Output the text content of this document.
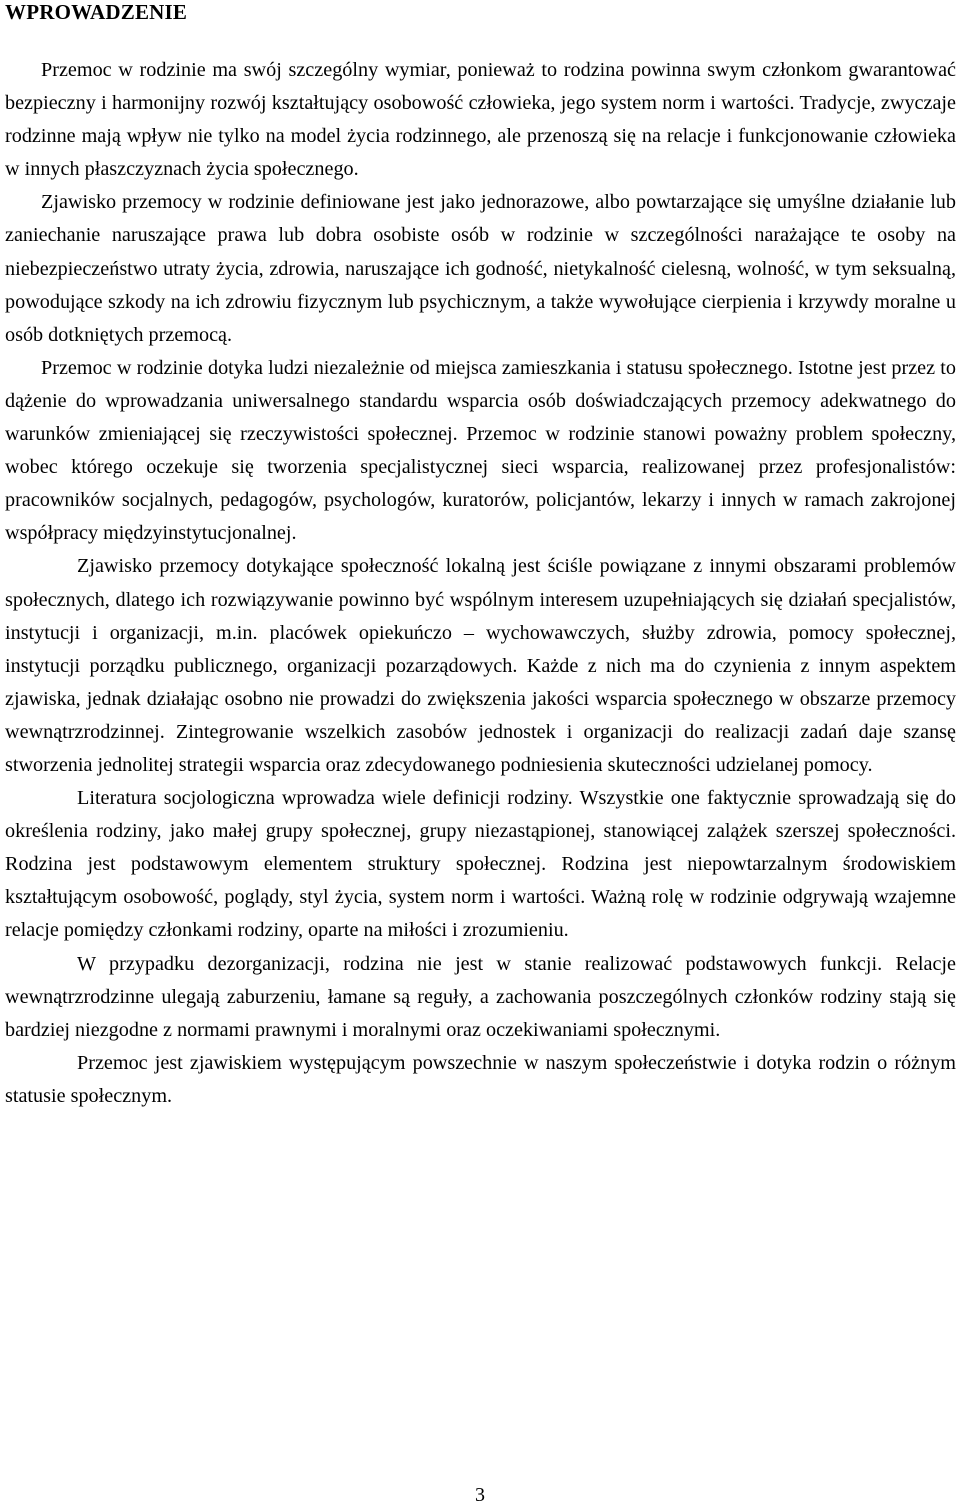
WPROWADZENIE

Przemoc w rodzinie ma swój szczególny wymiar, ponieważ to rodzina powinna swym członkom gwarantować bezpieczny i harmonijny rozwój kształtujący osobowość człowieka, jego system norm i wartości. Tradycje, zwyczaje rodzinne mają wpływ nie tylko na model życia rodzinnego, ale przenoszą się na relacje i funkcjonowanie człowieka w innych płaszczyznach życia społecznego.

Zjawisko przemocy w rodzinie definiowane jest jako jednorazowe, albo powtarzające się umyślne działanie lub zaniechanie naruszające prawa lub dobra osobiste osób w rodzinie w szczególności narażające te osoby na niebezpieczeństwo utraty życia, zdrowia, naruszające ich godność, nietykalność cielesną, wolność, w tym seksualną, powodujące szkody na ich zdrowiu fizycznym lub psychicznym, a także wywołujące cierpienia i krzywdy moralne u osób dotkniętych przemocą.

Przemoc w rodzinie dotyka ludzi niezależnie od miejsca zamieszkania i statusu społecznego. Istotne jest przez to dążenie do wprowadzania uniwersalnego standardu wsparcia osób doświadczających przemocy adekwatnego do warunków zmieniającej się rzeczywistości społecznej. Przemoc w rodzinie stanowi poważny problem społeczny, wobec którego oczekuje się tworzenia specjalistycznej sieci wsparcia, realizowanej przez profesjonalistów: pracowników socjalnych, pedagogów, psychologów, kuratorów, policjantów, lekarzy i innych w ramach zakrojonej współpracy międzyinstytucjonalnej.

Zjawisko przemocy dotykające społeczność lokalną jest ściśle powiązane z innymi obszarami problemów społecznych, dlatego ich rozwiązywanie powinno być wspólnym interesem uzupełniających się działań specjalistów, instytucji i organizacji, m.in. placówek opiekuńczo – wychowawczych, służby zdrowia, pomocy społecznej, instytucji porządku publicznego, organizacji pozarządowych. Każde z nich ma do czynienia z innym aspektem zjawiska, jednak działając osobno nie prowadzi do zwiększenia jakości wsparcia społecznego w obszarze przemocy wewnątrzrodzinnej. Zintegrowanie wszelkich zasobów jednostek i organizacji do realizacji zadań daje szansę stworzenia jednolitej strategii wsparcia oraz zdecydowanego podniesienia skuteczności udzielanej pomocy.

Literatura socjologiczna wprowadza wiele definicji rodziny. Wszystkie one faktycznie sprowadzają się do określenia rodziny, jako małej grupy społecznej, grupy niezastąpionej, stanowiącej zalążek szerszej społeczności. Rodzina jest podstawowym elementem struktury społecznej. Rodzina jest niepowtarzalnym środowiskiem kształtującym osobowość, poglądy, styl życia, system norm i wartości. Ważną rolę w rodzinie odgrywają wzajemne relacje pomiędzy członkami rodziny, oparte na miłości i zrozumieniu.

W przypadku dezorganizacji, rodzina nie jest w stanie realizować podstawowych funkcji. Relacje wewnątrzrodzinne ulegają zaburzeniu, łamane są reguły, a zachowania poszczególnych członków rodziny stają się bardziej niezgodne z normami prawnymi i moralnymi oraz oczekiwaniami społecznymi.

Przemoc jest zjawiskiem występującym powszechnie w naszym społeczeństwie i dotyka rodzin o różnym statusie społecznym.

3
